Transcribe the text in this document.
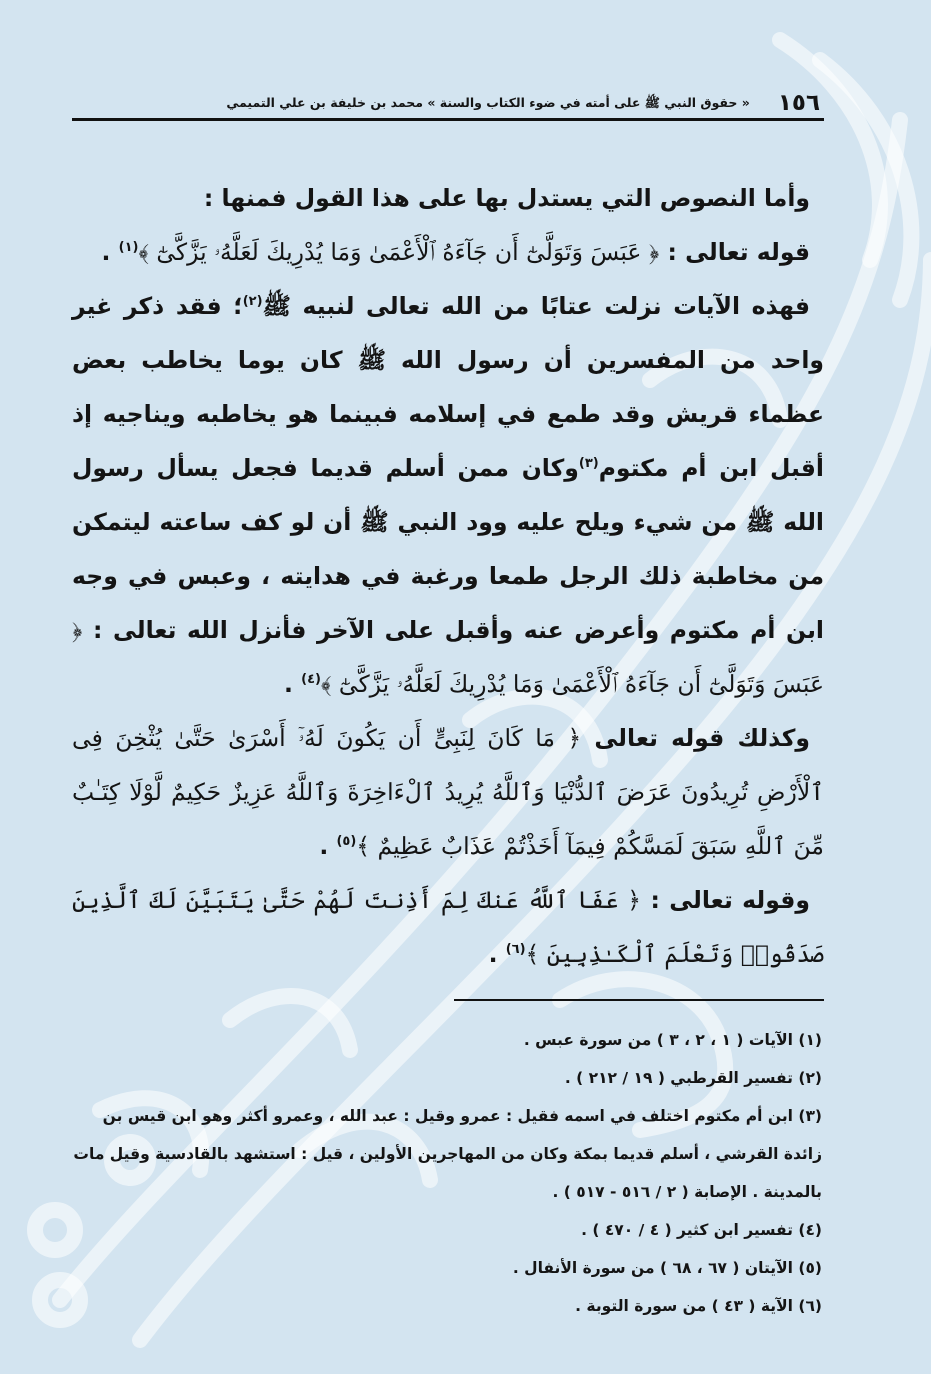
١٥٦
« حقوق النبي ﷺ على أمته في ضوء الكتاب والسنة » محمد بن خليفة بن علي التميمي

وأما النصوص التي يستدل بها على هذا القول فمنها :

قوله تعالى : ﴿ عَبَسَ وَتَوَلَّىٰٓ أَن جَآءَهُ ٱلْأَعْمَىٰ وَمَا يُدْرِيكَ لَعَلَّهُۥ يَزَّكَّىٰٓ ﴾$^{(١)}$ .

فهذه الآيات نزلت عتابًا من الله تعالى لنبيه ﷺ$^{(٢)}$؛ فقد ذكر غير واحد من المفسرين أن رسول الله ﷺ كان يوما يخاطب بعض عظماء قريش وقد طمع في إسلامه فبينما هو يخاطبه ويناجيه إذ أقبل ابن أم مكتوم$^{(٣)}$وكان ممن أسلم قديما فجعل يسأل رسول الله ﷺ من شيء ويلح عليه وود النبي ﷺ أن لو كف ساعته ليتمكن من مخاطبة ذلك الرجل طمعا ورغبة في هدايته ، وعبس في وجه ابن أم مكتوم وأعرض عنه وأقبل على الآخر فأنزل الله تعالى : ﴿ عَبَسَ وَتَوَلَّىٰٓ أَن جَآءَهُ ٱلْأَعْمَىٰ وَمَا يُدْرِيكَ لَعَلَّهُۥ يَزَّكَّىٰٓ ﴾$^{(٤)}$ .

وكذلك قوله تعالى ﴿ مَا كَانَ لِنَبِىٍّ أَن يَكُونَ لَهُۥٓ أَسْرَىٰ حَتَّىٰ يُثْخِنَ فِى ٱلْأَرْضِ تُرِيدُونَ عَرَضَ ٱلدُّنْيَا وَٱللَّهُ يُرِيدُ ٱلْءَاخِرَةَ وَٱللَّهُ عَزِيزٌ حَكِيمٌ لَّوْلَا كِتَـٰبٌ مِّنَ ٱللَّهِ سَبَقَ لَمَسَّكُمْ فِيمَآ أَخَذْتُمْ عَذَابٌ عَظِيمٌ ﴾$^{(٥)}$ .

وقوله تعالى : ﴿ عَفَا ٱللَّهُ عَنكَ لِمَ أَذِنتَ لَهُمْ حَتَّىٰ يَتَبَيَّنَ لَكَ ٱلَّذِينَ صَدَقُوا۟ وَتَعْلَمَ ٱلْكَـٰذِبِينَ ﴾$^{(٦)}$ .

(١) الآيات ( ١ ، ٢ ، ٣ ) من سورة عبس .

(٢) تفسير القرطبي ( ١٩ / ٢١٢ ) .

(٣) ابن أم مكتوم اختلف في اسمه فقيل : عمرو وقيل : عبد الله ، وعمرو أكثر وهو ابن قيس بن زائدة القرشي ، أسلم قديما بمكة وكان من المهاجرين الأولين ، قيل : استشهد بالقادسية وقيل مات بالمدينة . الإصابة ( ٢ / ٥١٦ - ٥١٧ ) .

(٤) تفسير ابن كثير ( ٤ / ٤٧٠ ) .

(٥) الآيتان ( ٦٧ ، ٦٨ ) من سورة الأنفال .

(٦) الآية ( ٤٣ ) من سورة التوبة .
